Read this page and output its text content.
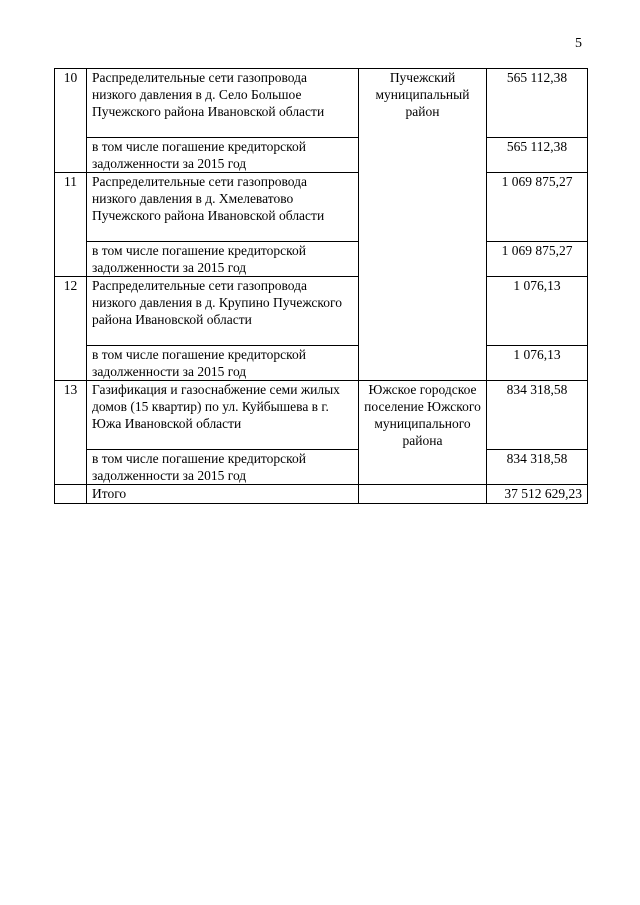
5
10	Распределительные сети газопровода низкого давления в д. Село Большое Пучежского района Ивановской области	Пучежский муниципальный район	565 112,38
	в том числе погашение кредиторской задолженности за 2015 год		565 112,38
11	Распределительные сети газопровода низкого давления в д. Хмелеватово Пучежского района Ивановской области		1 069 875,27
	в том числе погашение кредиторской задолженности за 2015 год		1 069 875,27
12	Распределительные сети газопровода низкого давления в д. Крупино Пучежского района Ивановской области		1 076,13
	в том числе погашение кредиторской задолженности за 2015 год		1 076,13
13	Газификация и газоснабжение семи жилых домов (15 квартир) по ул. Куйбышева в г. Южа Ивановской области	Южское городское поселение Южского муниципального района	834 318,58
	в том числе погашение кредиторской задолженности за 2015 год		834 318,58
	Итого		37 512 629,23
